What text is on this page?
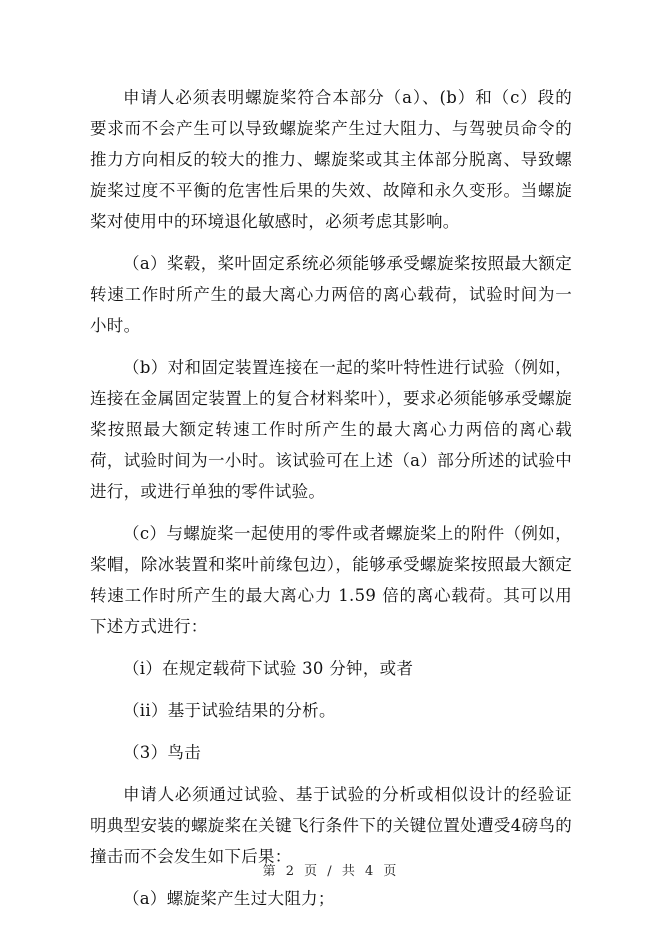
申请人必须表明螺旋桨符合本部分（a）、(b）和（c）段的要求而不会产生可以导致螺旋桨产生过大阻力、与驾驶员命令的推力方向相反的较大的推力、螺旋桨或其主体部分脱离、导致螺旋桨过度不平衡的危害性后果的失效、故障和永久变形。当螺旋桨对使用中的环境退化敏感时，必须考虑其影响。

（a）桨毂，桨叶固定系统必须能够承受螺旋桨按照最大额定转速工作时所产生的最大离心力两倍的离心载荷，试验时间为一小时。

（b）对和固定装置连接在一起的桨叶特性进行试验（例如，连接在金属固定装置上的复合材料桨叶），要求必须能够承受螺旋桨按照最大额定转速工作时所产生的最大离心力两倍的离心载荷，试验时间为一小时。该试验可在上述（a）部分所述的试验中进行，或进行单独的零件试验。

（c）与螺旋桨一起使用的零件或者螺旋桨上的附件（例如，桨帽，除冰装置和桨叶前缘包边），能够承受螺旋桨按照最大额定转速工作时所产生的最大离心力 1.59 倍的离心载荷。其可以用下述方式进行：

（i）在规定载荷下试验 30 分钟，或者

（ii）基于试验结果的分析。

（3）鸟击

申请人必须通过试验、基于试验的分析或相似设计的经验证明典型安装的螺旋桨在关键飞行条件下的关键位置处遭受4磅鸟的撞击而不会发生如下后果：

（a）螺旋桨产生过大阻力；

第 2 页 / 共 4 页
